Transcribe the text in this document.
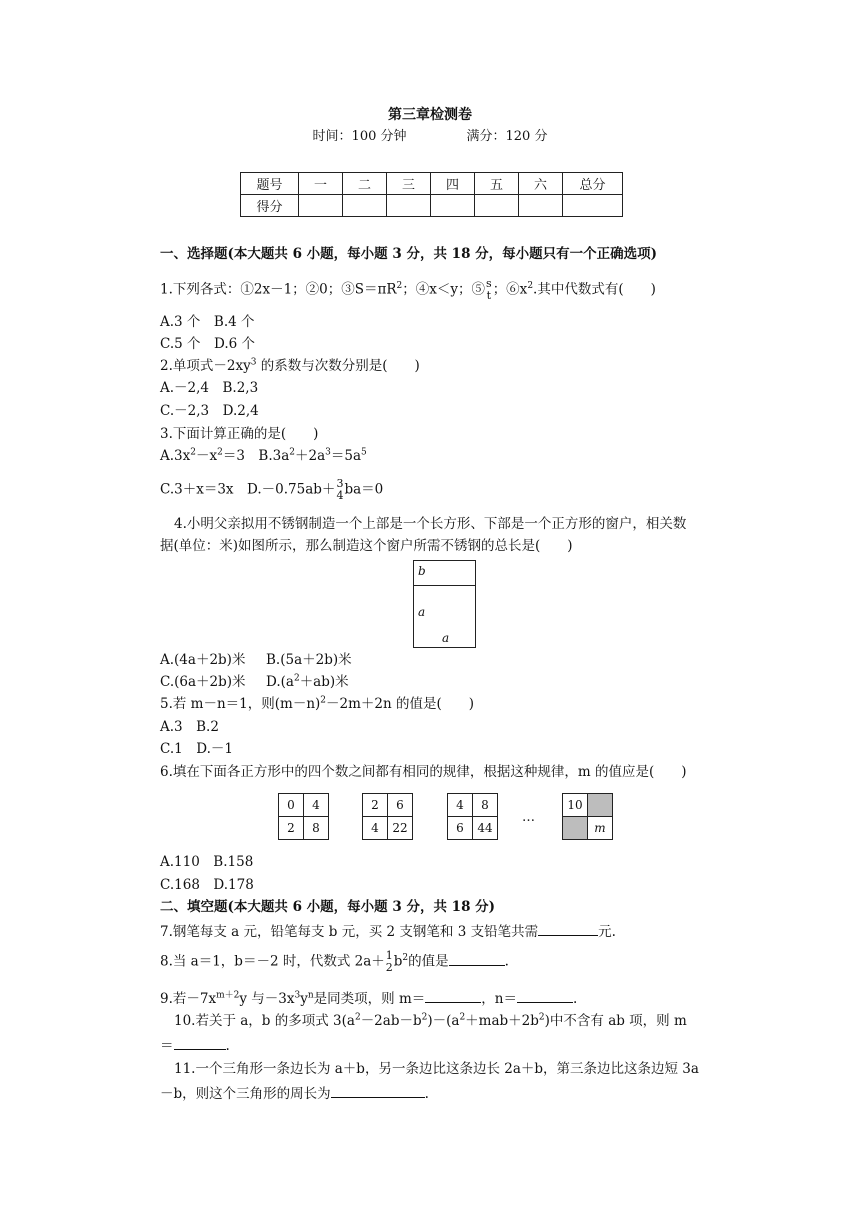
第三章检测卷
时间：100 分钟	满分：120 分
题号	一	二	三	四	五	六	总分
得分							
一、选择题(本大题共 6 小题，每小题 3 分，共 18 分，每小题只有一个正确选项)
1.下列各式：①2x－1；②0；$③S=\pi R^2$；④x＜y；⑤ s
t ；$⑥x^2$.其中代数式有(　　)
A.3 个　B.4 个
C.5 个　D.6 个
2.单项式$-2xy^3$ 的系数与次数分别是(　　)
A.－2,4　B.2,3
C.－2,3　D.2,4
3.下面计算正确的是(　　)
$A.3x^2-x^2=3$　$B.3a^2+2a^3=5a^5$
C.3＋x＝3x　D.－0.75ab＋ 3
4 ba＝0
4.小明父亲拟用不锈钢制造一个上部是一个长方形、下部是一个正方形的窗户，相关数
据(单位：米)如图所示，那么制造这个窗户所需不锈钢的总长是(　　)
b
a
a
A.(4a＋2b)米 B.(5a＋2b)米
C.(6a＋2b)米 $D.(a^2+ab)$米
5.若 m－n＝1，则$(m-n)^2-2m+2n$ 的值是(　　)
A.3　B.2
C.1　D.－1
6.填在下面各正方形中的四个数之间都有相同的规律，根据这种规律，m 的值应是(　　)
0	4
2	8
2	6
4	22
4	8
6	44
…
10	
	m
A.110　B.158
C.168　D.178
二、填空题(本大题共 6 小题，每小题 3 分，共 18 分)
7.钢笔每支 a 元，铅笔每支 b 元，买 2 支钢笔和 3 支铅笔共需	元.
8.当 a＝1，b＝－2 时，代数式 2a＋ 1
2 $b^2$的值是	.
9.若$-7x^{m+2}y$ 与$-3x^3y^n$是同类项，则 m＝	，n＝	.
10.若关于 a，b 的多项式 $3(a^2-2ab-b^2)-(a^2+mab+2b^2)$中不含有 ab 项，则 m
＝	.
11.一个三角形一条边长为 a＋b，另一条边比这条边长 2a＋b，第三条边比这条边短 3a
－b，则这个三角形的周长为	.
